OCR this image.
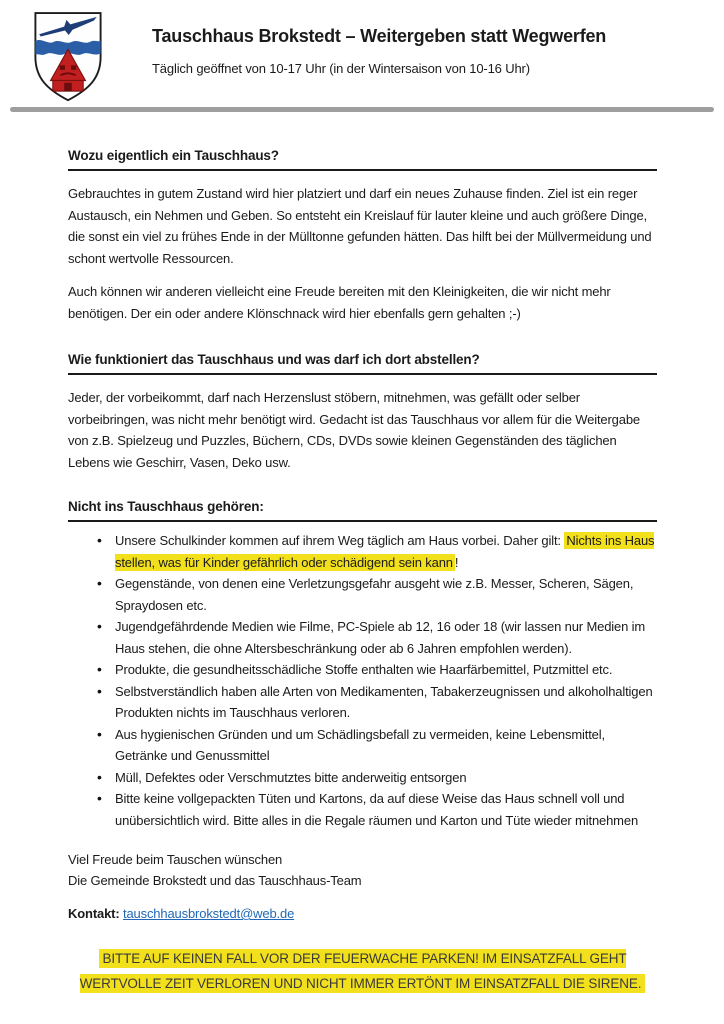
Tauschhaus Brokstedt – Weitergeben statt Wegwerfen

Täglich geöffnet von 10-17 Uhr (in der Wintersaison von 10-16 Uhr)

Wozu eigentlich ein Tauschhaus?

Gebrauchtes in gutem Zustand wird hier platziert und darf ein neues Zuhause finden. Ziel ist ein reger Austausch, ein Nehmen und Geben. So entsteht ein Kreislauf für lauter kleine und auch größere Dinge, die sonst ein viel zu frühes Ende in der Mülltonne gefunden hätten. Das hilft bei der Müllvermeidung und schont wertvolle Ressourcen.

Auch können wir anderen vielleicht eine Freude bereiten mit den Kleinigkeiten, die wir nicht mehr benötigen. Der ein oder andere Klönschnack wird hier ebenfalls gern gehalten ;-)

Wie funktioniert das Tauschhaus und was darf ich dort abstellen?

Jeder, der vorbeikommt, darf nach Herzenslust stöbern, mitnehmen, was gefällt oder selber vorbeibringen, was nicht mehr benötigt wird. Gedacht ist das Tauschhaus vor allem für die Weitergabe von z.B. Spielzeug und Puzzles, Büchern, CDs, DVDs sowie kleinen Gegenständen des täglichen Lebens wie Geschirr, Vasen, Deko usw.

Nicht ins Tauschhaus gehören:
• Unsere Schulkinder kommen auf ihrem Weg täglich am Haus vorbei. Daher gilt: Nichts ins Haus stellen, was für Kinder gefährlich oder schädigend sein kann !
• Gegenstände, von denen eine Verletzungsgefahr ausgeht wie z.B. Messer, Scheren, Sägen, Spraydosen etc.
• Jugendgefährdende Medien wie Filme, PC-Spiele ab 12, 16 oder 18 (wir lassen nur Medien im Haus stehen, die ohne Altersbeschränkung oder ab 6 Jahren empfohlen werden).
• Produkte, die gesundheitsschädliche Stoffe enthalten wie Haarfärbemittel, Putzmittel etc.
• Selbstverständlich haben alle Arten von Medikamenten, Tabakerzeugnissen und alkoholhaltigen Produkten nichts im Tauschhaus verloren.
• Aus hygienischen Gründen und um Schädlingsbefall zu vermeiden, keine Lebensmittel, Getränke und Genussmittel
• Müll, Defektes oder Verschmutztes bitte anderweitig entsorgen
• Bitte keine vollgepackten Tüten und Kartons, da auf diese Weise das Haus schnell voll und unübersichtlich wird. Bitte alles in die Regale räumen und Karton und Tüte wieder mitnehmen

Viel Freude beim Tauschen wünschen

Die Gemeinde Brokstedt und das Tauschhaus-Team

Kontakt: tauschhausbrokstedt@web.de

BITTE AUF KEINEN FALL VOR DER FEUERWACHE PARKEN! IM EINSATZFALL GEHT WERTVOLLE ZEIT VERLOREN UND NICHT IMMER ERTÖNT IM EINSATZFALL DIE SIRENE.
